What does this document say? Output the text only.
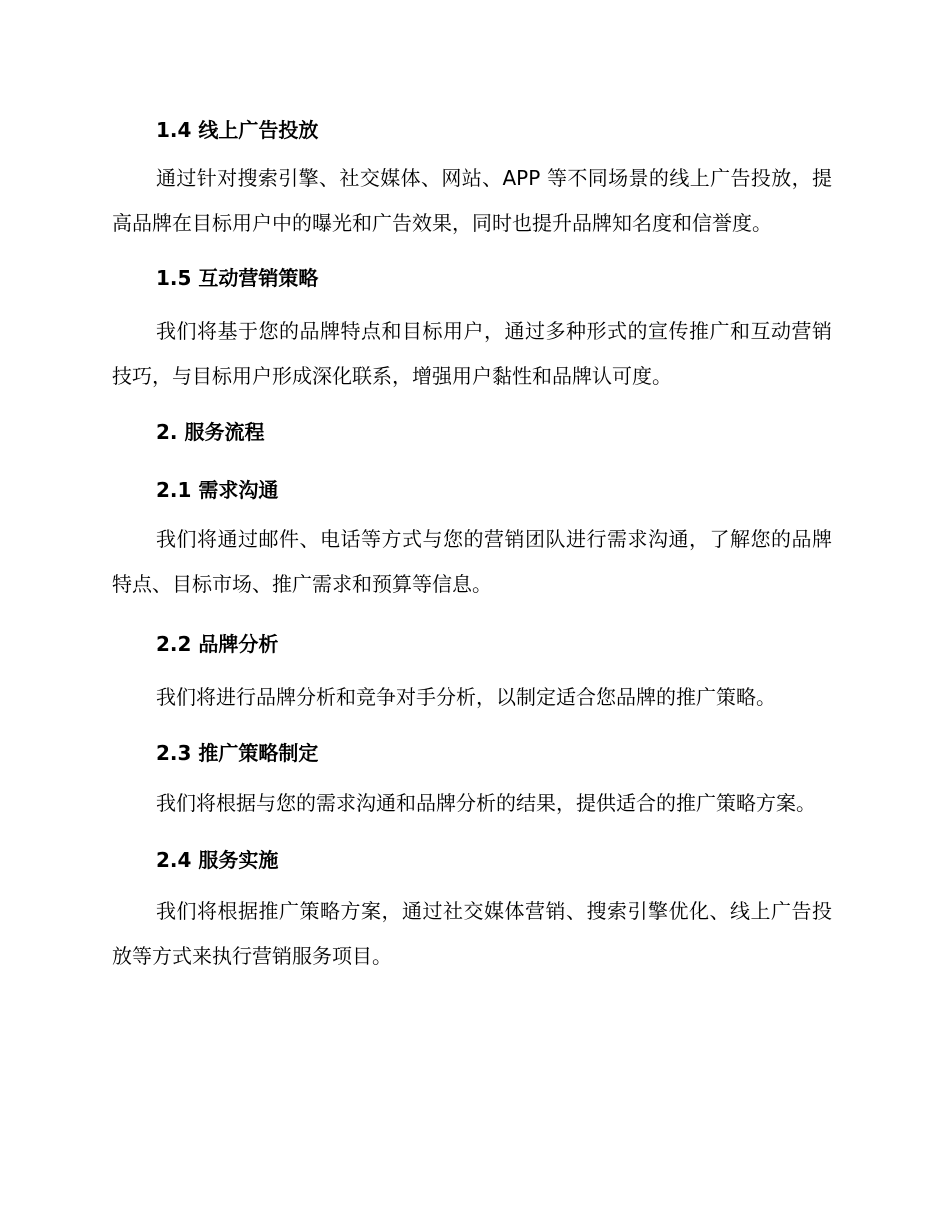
1.4 线上广告投放

通过针对搜索引擎、社交媒体、网站、APP 等不同场景的线上广告投放，提高品牌在目标用户中的曝光和广告效果，同时也提升品牌知名度和信誉度。

1.5 互动营销策略

我们将基于您的品牌特点和目标用户，通过多种形式的宣传推广和互动营销技巧，与目标用户形成深化联系，增强用户黏性和品牌认可度。

2. 服务流程
2.1 需求沟通

我们将通过邮件、电话等方式与您的营销团队进行需求沟通，了解您的品牌特点、目标市场、推广需求和预算等信息。

2.2 品牌分析

我们将进行品牌分析和竞争对手分析，以制定适合您品牌的推广策略。

2.3 推广策略制定

我们将根据与您的需求沟通和品牌分析的结果，提供适合的推广策略方案。

2.4 服务实施

我们将根据推广策略方案，通过社交媒体营销、搜索引擎优化、线上广告投放等方式来执行营销服务项目。
